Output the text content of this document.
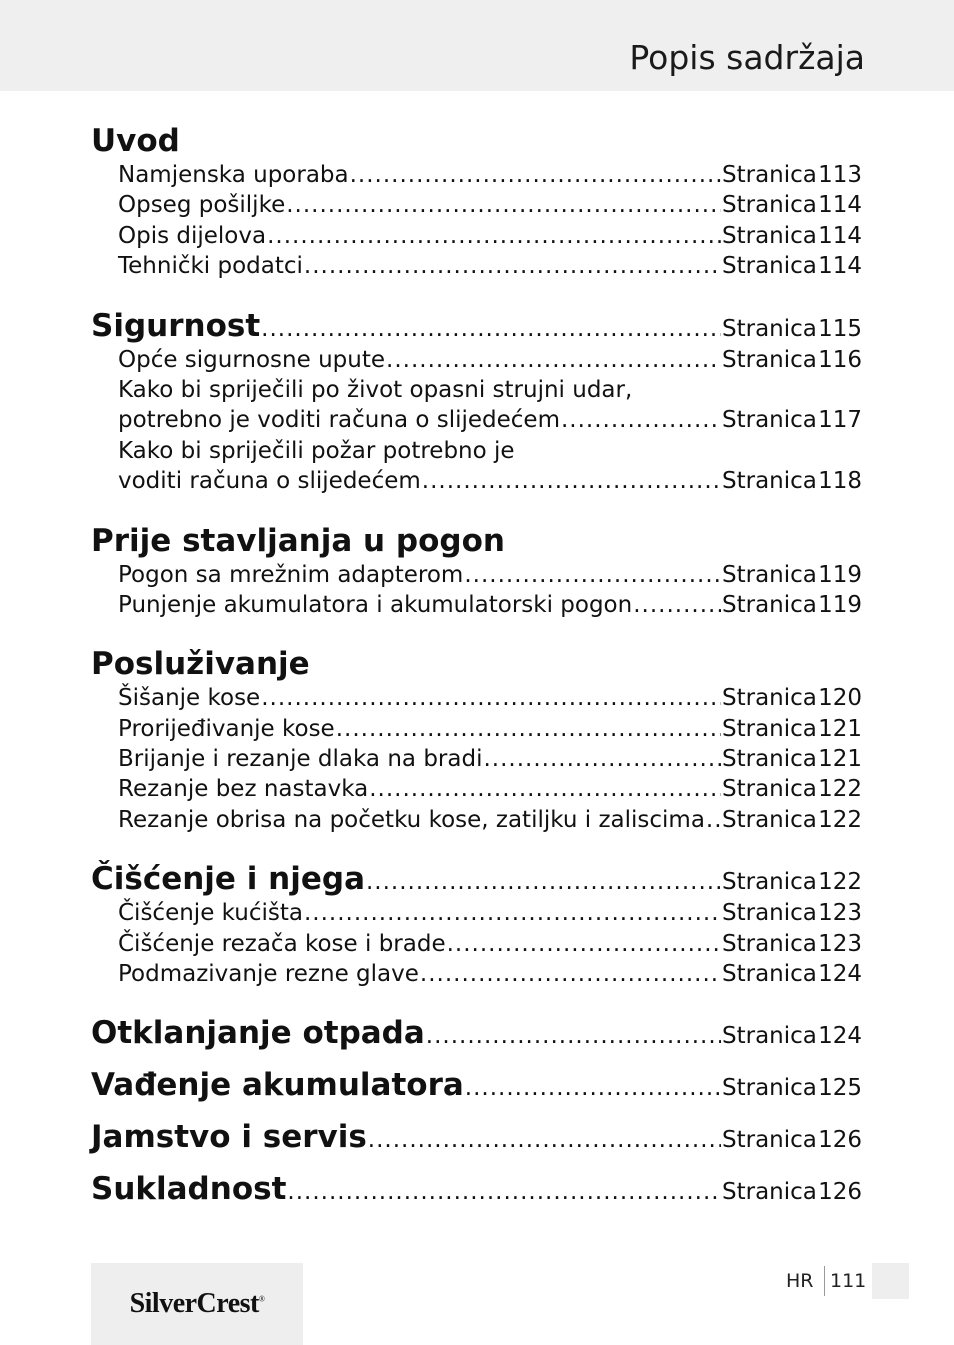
Popis sadržaja
Uvod
Namjenska uporaba .....	Stranica 113
Opseg pošiljke .....	Stranica 114
Opis dijelova .....	Stranica 114
Tehnički podatci .....	Stranica 114
Sigurnost .....	Stranica 115
Opće sigurnosne upute .....	Stranica 116
Kako bi spriječili po život opasni strujni udar,
potrebno je voditi računa o slijedećem .....	Stranica 117
Kako bi spriječili požar potrebno je
voditi računa o slijedećem .....	Stranica 118
Prije stavljanja u pogon
Pogon sa mrežnim adapterom .....	Stranica 119
Punjenje akumulatora i akumulatorski pogon .....	Stranica 119
Posluživanje
Šišanje kose .....	Stranica 120
Prorijeđivanje kose .....	Stranica 121
Brijanje i rezanje dlaka na bradi .....	Stranica 121
Rezanje bez nastavka .....	Stranica 122
Rezanje obrisa na početku kose, zatiljku i zaliscima ..... Stranica 122
Čišćenje i njega .....	Stranica 122
Čišćenje kućišta .....	Stranica 123
Čišćenje rezača kose i brade .....	Stranica 123
Podmazivanje rezne glave .....	Stranica 124
Otklanjanje otpada .....	Stranica 124
Vađenje akumulatora .....	Stranica 125
Jamstvo i servis .....	Stranica 126
Sukladnost .....	Stranica 126
SilverCrest®
HR 111
